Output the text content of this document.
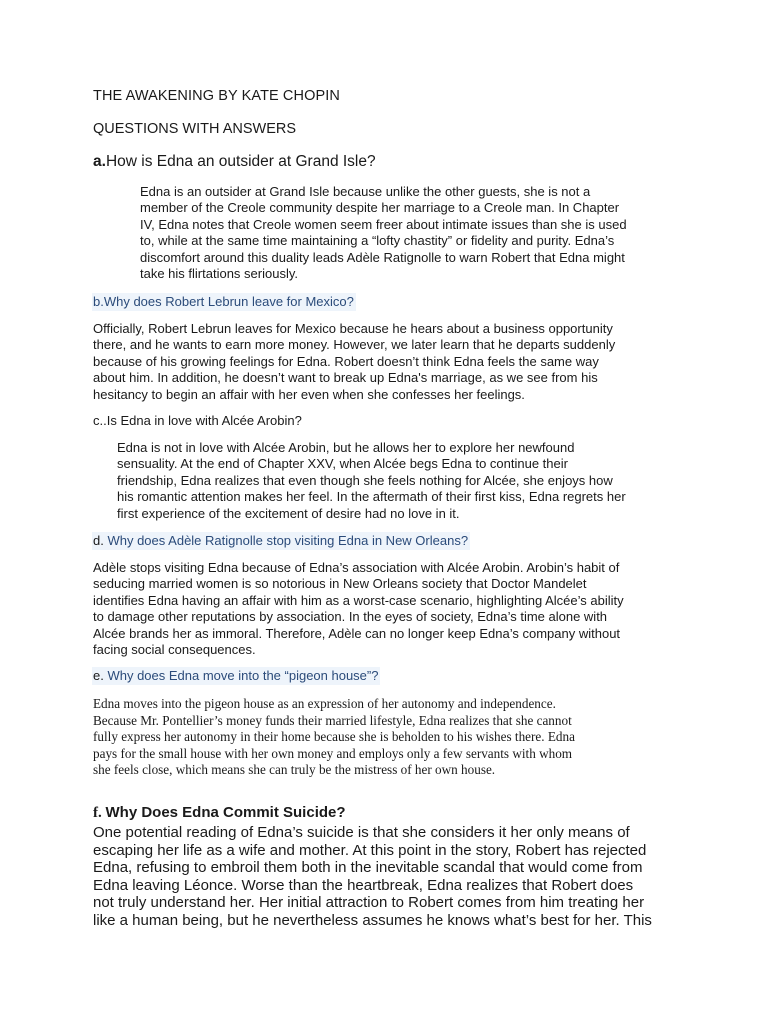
THE AWAKENING BY KATE CHOPIN
QUESTIONS WITH ANSWERS
a.How is Edna an outsider at Grand Isle?
Edna is an outsider at Grand Isle because unlike the other guests, she is not a
member of the Creole community despite her marriage to a Creole man. In Chapter
IV, Edna notes that Creole women seem freer about intimate issues than she is used
to, while at the same time maintaining a “lofty chastity” or fidelity and purity. Edna’s
discomfort around this duality leads Adèle Ratignolle to warn Robert that Edna might
take his flirtations seriously.
b.Why does Robert Lebrun leave for Mexico?
Officially, Robert Lebrun leaves for Mexico because he hears about a business opportunity
there, and he wants to earn more money. However, we later learn that he departs suddenly
because of his growing feelings for Edna. Robert doesn’t think Edna feels the same way
about him. In addition, he doesn’t want to break up Edna's marriage, as we see from his
hesitancy to begin an affair with her even when she confesses her feelings.
c..Is Edna in love with Alcée Arobin?
Edna is not in love with Alcée Arobin, but he allows her to explore her newfound
sensuality. At the end of Chapter XXV, when Alcée begs Edna to continue their
friendship, Edna realizes that even though she feels nothing for Alcée, she enjoys how
his romantic attention makes her feel. In the aftermath of their first kiss, Edna regrets her
first experience of the excitement of desire had no love in it.
d. Why does Adèle Ratignolle stop visiting Edna in New Orleans?
Adèle stops visiting Edna because of Edna’s association with Alcée Arobin. Arobin’s habit of
seducing married women is so notorious in New Orleans society that Doctor Mandelet
identifies Edna having an affair with him as a worst-case scenario, highlighting Alcée’s ability
to damage other reputations by association. In the eyes of society, Edna’s time alone with
Alcée brands her as immoral. Therefore, Adèle can no longer keep Edna’s company without
facing social consequences.
e. Why does Edna move into the “pigeon house”?
Edna moves into the pigeon house as an expression of her autonomy and independence.
Because Mr. Pontellier’s money funds their married lifestyle, Edna realizes that she cannot
fully express her autonomy in their home because she is beholden to his wishes there. Edna
pays for the small house with her own money and employs only a few servants with whom
she feels close, which means she can truly be the mistress of her own house.
f. Why Does Edna Commit Suicide?
One potential reading of Edna’s suicide is that she considers it her only means of
escaping her life as a wife and mother. At this point in the story, Robert has rejected
Edna, refusing to embroil them both in the inevitable scandal that would come from
Edna leaving Léonce. Worse than the heartbreak, Edna realizes that Robert does
not truly understand her. Her initial attraction to Robert comes from him treating her
like a human being, but he nevertheless assumes he knows what’s best for her. This
